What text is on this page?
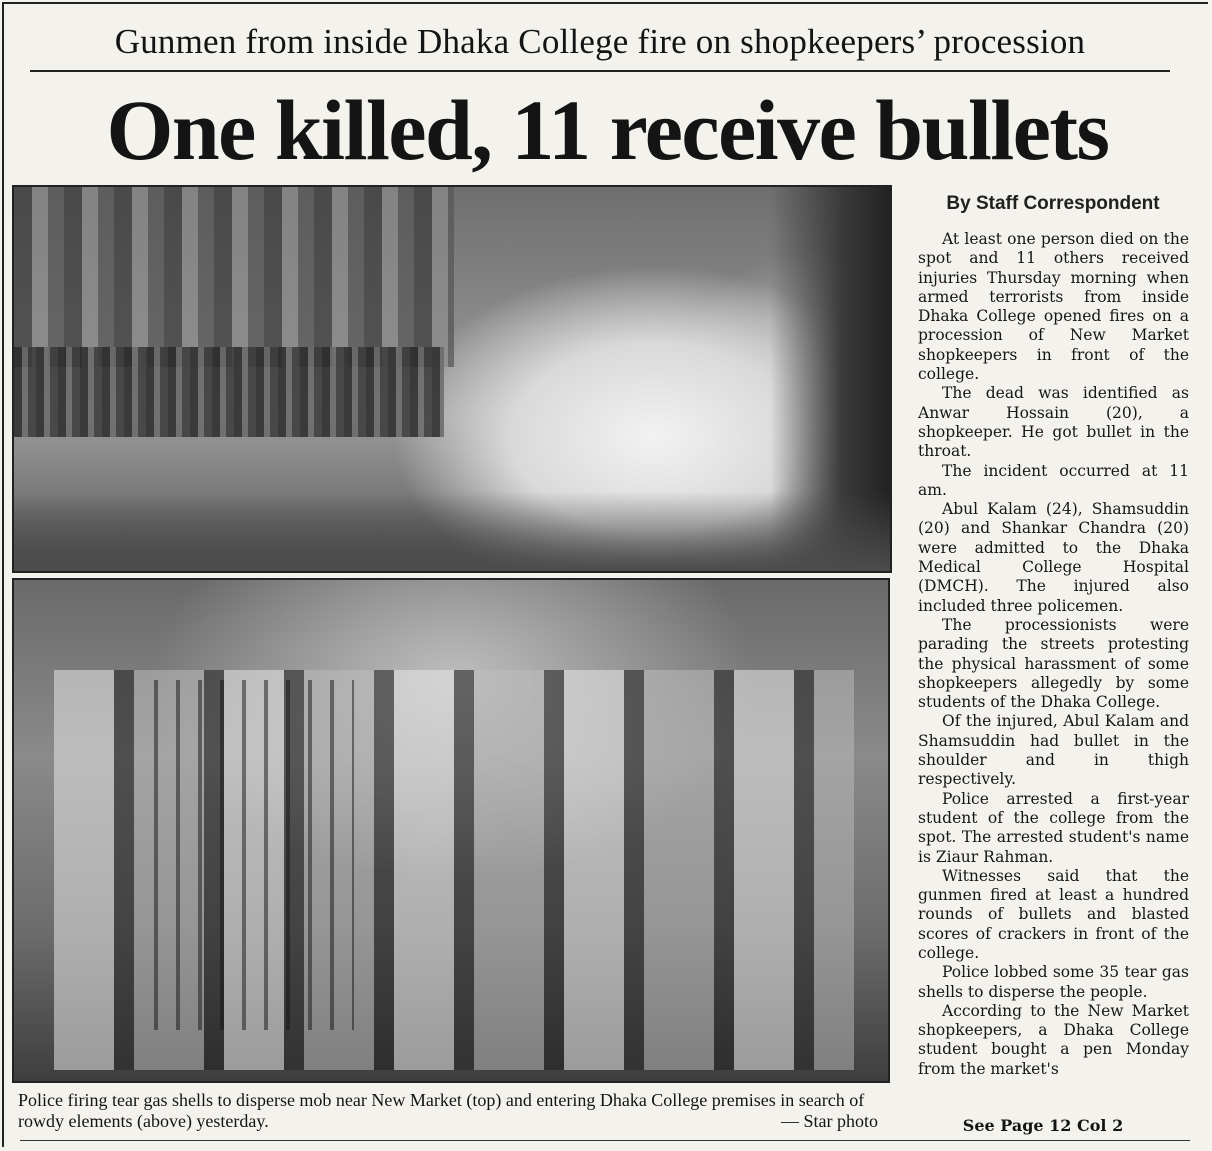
Gunmen from inside Dhaka College fire on shopkeepers’ procession
One killed, 11 receive bullets
Police firing tear gas shells to disperse mob near New Market (top) and entering Dhaka College premises in search of rowdy elements (above) yesterday.	— Star photo
By Staff Correspondent

At least one person died on the spot and 11 others received injuries Thursday morning when armed terrorists from inside Dhaka College opened fires on a procession of New Market shopkeepers in front of the college.

The dead was identified as Anwar Hossain (20), a shopkeeper. He got bullet in the throat.

The incident occurred at 11 am.

Abul Kalam (24), Shamsuddin (20) and Shankar Chandra (20) were admitted to the Dhaka Medical College Hospital (DMCH). The injured also included three policemen.

The processionists were parading the streets protesting the physical harassment of some shopkeepers allegedly by some students of the Dhaka College.

Of the injured, Abul Kalam and Shamsuddin had bullet in the shoulder and in thigh respectively.

Police arrested a first-year student of the college from the spot. The arrested student's name is Ziaur Rahman.

Witnesses said that the gunmen fired at least a hundred rounds of bullets and blasted scores of crackers in front of the college.

Police lobbed some 35 tear gas shells to disperse the people.

According to the New Market shopkeepers, a Dhaka College student bought a pen Monday from the market's

See Page 12 Col 2
